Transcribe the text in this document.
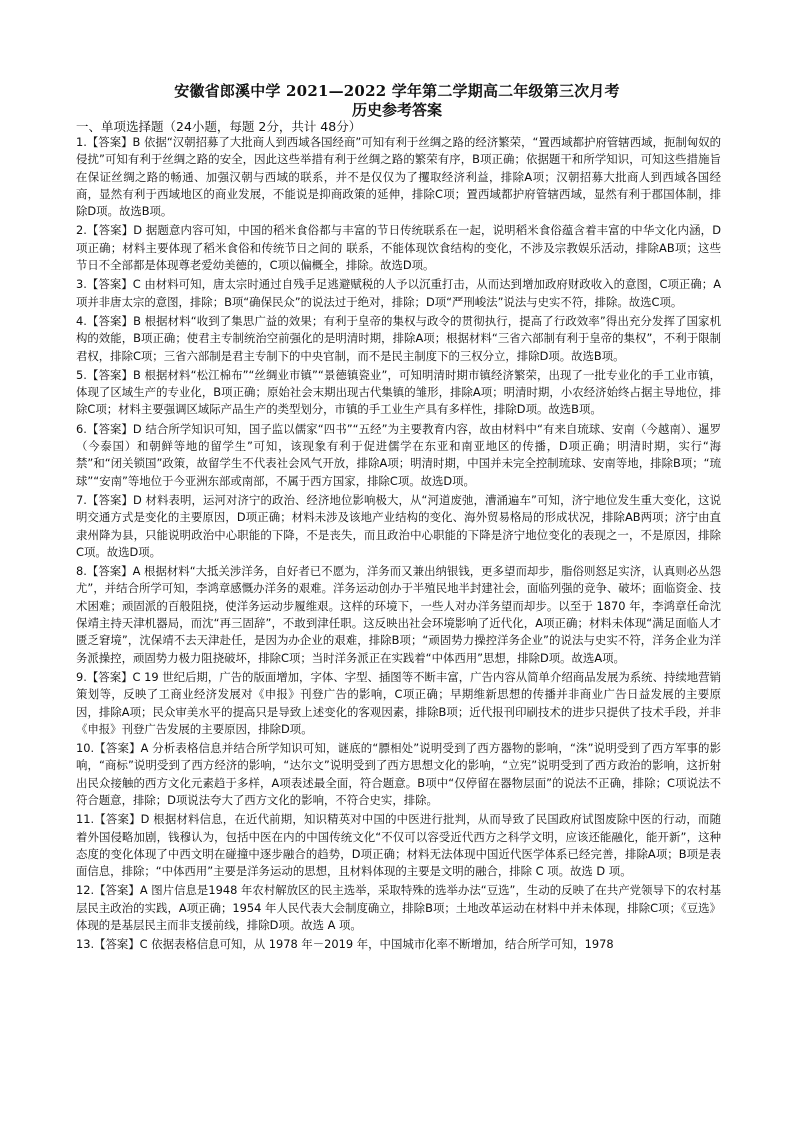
安徽省郎溪中学 2021—2022 学年第二学期高二年级第三次月考
历史参考答案
一、单项选择题（24小题，每题 2分，共计 48分）

1.【答案】B 依据“汉朝招募了大批商人到西域各国经商”可知有利于丝绸之路的经济繁荣，“置西域都护府管辖西域，扼制匈奴的侵扰”可知有利于丝绸之路的安全，因此这些举措有利于丝绸之路的繁荣有序，B项正确；依据题干和所学知识，可知这些措施旨在保证丝绸之路的畅通、加强汉朝与西域的联系，并不是仅仅为了攫取经济利益，排除A项；汉朝招募大批商人到西域各国经商，显然有利于西域地区的商业发展，不能说是抑商政策的延伸，排除C项；置西域都护府管辖西域，显然有利于郡国体制，排除D项。故选B项。

2.【答案】D 据题意内容可知，中国的稻米食俗都与丰富的节日传统联系在一起，说明稻米食俗蕴含着丰富的中华文化内涵，D项正确；材料主要体现了稻米食俗和传统节日之间的 联系，不能体现饮食结构的变化，不涉及宗教娱乐活动，排除AB项；这些节日不全部都是体现尊老爱幼美德的，C项以偏概全，排除。故选D项。

3.【答案】C 由材料可知，唐太宗时通过自残手足逃避赋税的人予以沉重打击，从而达到增加政府财政收入的意图，C项正确；A项并非唐太宗的意图，排除；B项“确保民众”的说法过于绝对，排除；D项“严刑峻法”说法与史实不符，排除。故选C项。

4.【答案】B 根据材料“收到了集思广益的效果；有利于皇帝的集权与政令的贯彻执行，提高了行政效率”得出充分发挥了国家机构的效能，B项正确；使君主专制统治空前强化的是明清时期，排除A项；根据材料“三省六部制有利于皇帝的集权”，不利于限制君权，排除C项；三省六部制是君主专制下的中央官制，而不是民主制度下的三权分立，排除D项。故选B项。

5.【答案】B 根据材料“松江棉布”“丝绸业市镇”“景德镇瓷业”，可知明清时期市镇经济繁荣，出现了一批专业化的手工业市镇，体现了区域生产的专业化，B项正确；原始社会末期出现古代集镇的雏形，排除A项；明清时期，小农经济始终占据主导地位，排除C项；材料主要强调区域际产品生产的类型划分，市镇的手工业生产具有多样性，排除D项。故选B项。

6.【答案】D 结合所学知识可知，国子监以儒家“四书”“五经”为主要教育内容，故由材料中“有来自琉球、安南（今越南）、暹罗（今泰国）和朝鲜等地的留学生”可知，该现象有利于促进儒学在东亚和南亚地区的传播，D项正确；明清时期，实行“海禁”和“闭关锁国”政策，故留学生不代表社会风气开放，排除A项；明清时期，中国并未完全控制琉球、安南等地，排除B项；“琉球”“安南”等地位于今亚洲东部或南部，不属于西方国家，排除C项。故选D项。

7.【答案】D 材料表明，运河对济宁的政治、经济地位影响极大，从“河道废弛，漕涌遍车”可知，济宁地位发生重大变化，这说明交通方式是变化的主要原因，D项正确；材料未涉及该地产业结构的变化、海外贸易格局的形成状况，排除AB两项；济宁由直隶州降为县，只能说明政治中心职能的下降，不是丧失，而且政治中心职能的下降是济宁地位变化的表现之一，不是原因，排除C项。故选D项。

8.【答案】A 根据材料“大抵关涉洋务，自好者已不愿为，洋务而又兼出纳银钱，更多望而却步，脂俗则怒足实济，认真则必丛怨尤”，并结合所学可知，李鸿章感慨办洋务的艰难。洋务运动创办于半殖民地半封建社会，面临列强的竞争、破坏；面临资金、技术困难；顽固派的百般阻挠，使洋务运动步履维艰。这样的环境下，一些人对办洋务望而却步。以至于 1870 年，李鸿章任命沈保靖主持天津机器局，而沈“再三固辞”，不敢到津任职。这反映出社会环境影响了近代化，A项正确；材料未体现“满足面临人才匮乏窘境”，沈保靖不去天津赴任，是因为办企业的艰难，排除B项；“顽固势力操控洋务企业”的说法与史实不符，洋务企业为洋务派操控，顽固势力极力阻挠破坏，排除C项；当时洋务派正在实践着“中体西用”思想，排除D项。故选A项。

9.【答案】C 19 世纪后期，广告的版面增加，字体、字型、插图等不断丰富，广告内容从简单介绍商品发展为系统、持续地营销策划等，反映了工商业经济发展对《申报》刊登广告的影响，C项正确；早期维新思想的传播并非商业广告日益发展的主要原因，排除A项；民众审美水平的提高只是导致上述变化的客观因素，排除B项；近代报刊印刷技术的进步只提供了技术手段，并非《申报》刊登广告发展的主要原因，排除D项。

10.【答案】A 分析表格信息并结合所学知识可知，谜底的“膘相处”说明受到了西方器物的影响，“洙”说明受到了西方军事的影响，“商标”说明受到了西方经济的影响，“达尔文”说明受到了西方思想文化的影响，“立宪”说明受到了西方政治的影响，这折射出民众接触的西方文化元素趋于多样，A项表述最全面，符合题意。B项中“仅停留在器物层面”的说法不正确，排除；C项说法不符合题意，排除；D项说法夸大了西方文化的影响，不符合史实，排除。

11.【答案】D 根据材料信息，在近代前期，知识精英对中国的中医进行批判，从而导致了民国政府试图废除中医的行动，而随着外国侵略加剧，钱穆认为，包括中医在内的中国传统文化“不仅可以容受近代西方之科学文明，应该还能融化，能开新”，这种态度的变化体现了中西文明在碰撞中逐步融合的趋势，D项正确；材料无法体现中国近代医学体系已经完善，排除A项；B项是表面信息，排除；“中体西用”主要是洋务运动的思想，且材料体现的主要是文明的融合，排除 C 项。故选 D 项。

12.【答案】A 图片信息是1948 年农村解放区的民主选举，采取特殊的选举办法“豆选”，生动的反映了在共产党领导下的农村基层民主政治的实践，A项正确；1954 年人民代表大会制度确立，排除B项；土地改革运动在材料中并未体现，排除C项；《豆选》体现的是基层民主而非支援前线，排除D项。故选 A 项。

13.【答案】C 依据表格信息可知，从 1978 年－2019 年，中国城市化率不断增加，结合所学可知，1978
